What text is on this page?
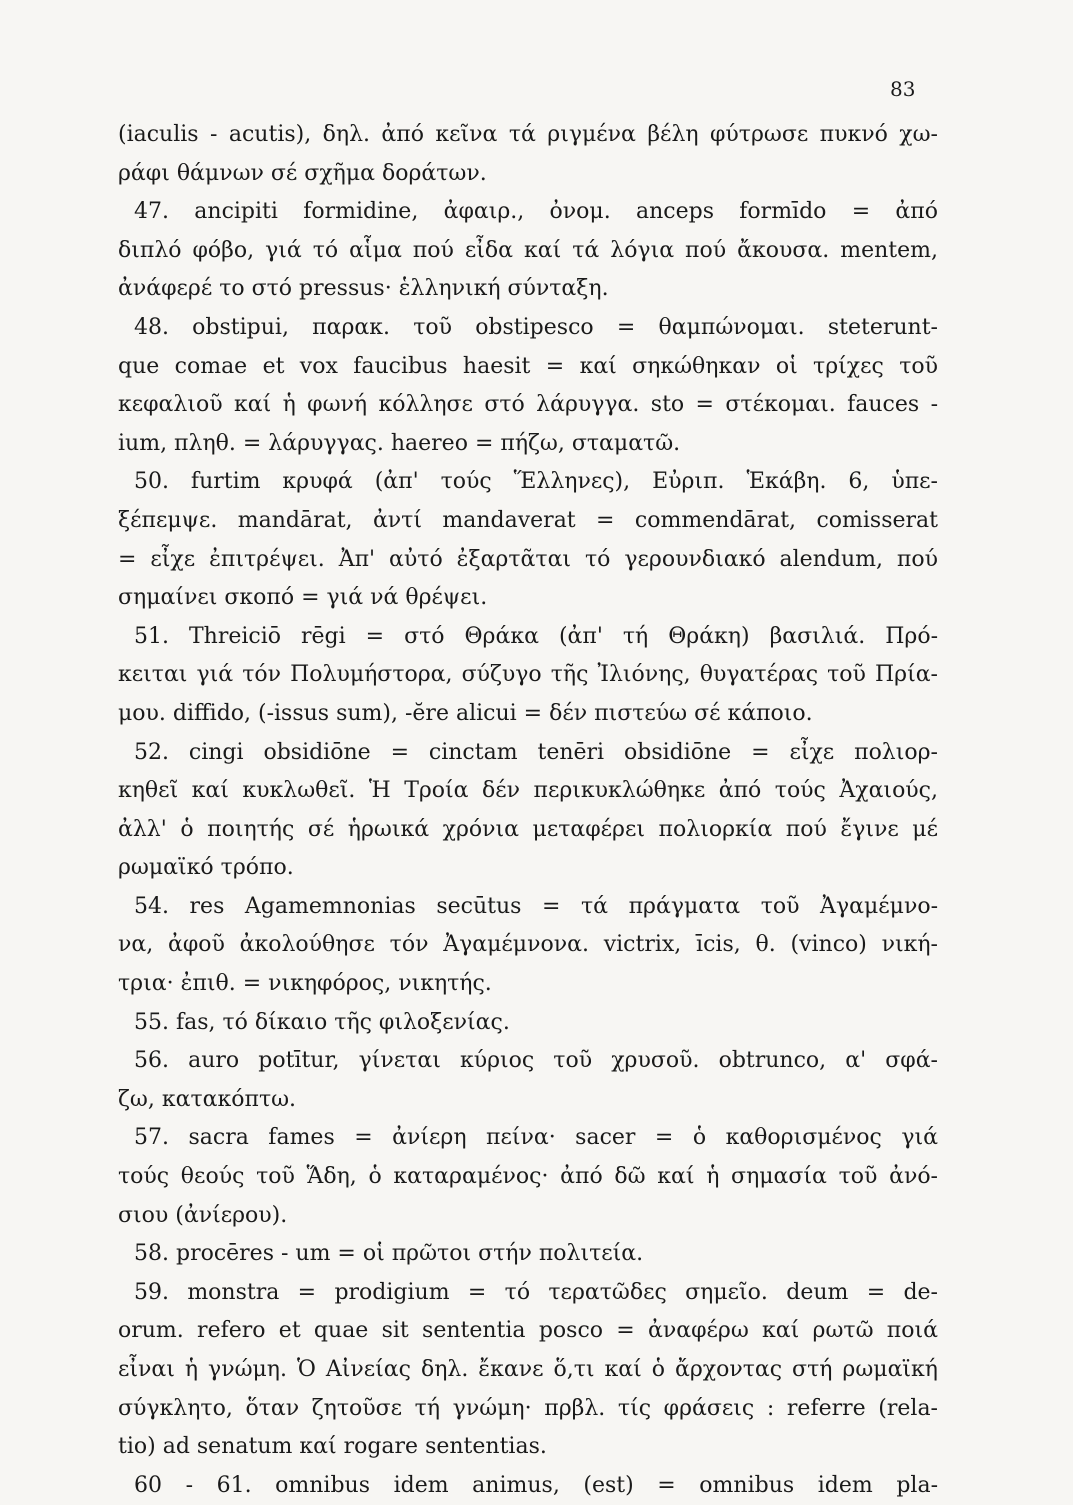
83
(iaculis - acutis), δηλ. ἀπό κεῖνα τά ριγμένα βέλη φύτρωσε πυκνό χω-
ράφι θάμνων σέ σχῆμα δοράτων.
47. ancipiti formidine, ἀφαιρ., ὀνομ. anceps formīdo = ἀπό
διπλό φόβο, γιά τό αἷμα πού εἶδα καί τά λόγια πού ἄκουσα. mentem,
ἀνάφερέ το στό pressus· ἑλληνική σύνταξη.
48. obstipui, παρακ. τοῦ obstipesco = θαμπώνομαι. steterunt-
que comae et vox faucibus haesit = καί σηκώθηκαν οἱ τρίχες τοῦ
κεφαλιοῦ καί ἡ φωνή κόλλησε στό λάρυγγα. sto = στέκομαι. fauces -
ium, πληθ. = λάρυγγας. haereo = πήζω, σταματῶ.
50. furtim κρυφά (ἀπ' τούς Ἕλληνες), Εὐριπ. Ἑκάβη. 6, ὑπε-
ξέπεμψε. mandārat, ἀντί mandaverat = commendārat, comisserat
= εἶχε ἐπιτρέψει. Ἀπ' αὐτό ἐξαρτᾶται τό γερουνδιακό alendum, πού
σημαίνει σκοπό = γιά νά θρέψει.
51. Threiciō rēgi = στό Θράκα (ἀπ' τή Θράκη) βασιλιά. Πρό-
κειται γιά τόν Πολυμήστορα, σύζυγο τῆς Ἰλιόνης, θυγατέρας τοῦ Πρία-
μου. diffido, (-issus sum), -ĕre alicui = δέν πιστεύω σέ κάποιο.
52. cingi obsidiōne = cinctam tenēri obsidiōne = εἶχε πολιορ-
κηθεῖ καί κυκλωθεῖ. Ἡ Τροία δέν περικυκλώθηκε ἀπό τούς Ἀχαιούς,
ἀλλ' ὁ ποιητής σέ ἡρωικά χρόνια μεταφέρει πολιορκία πού ἔγινε μέ
ρωμαϊκό τρόπο.
54. res Agamemnonias secūtus = τά πράγματα τοῦ Ἀγαμέμνο-
να, ἀφοῦ ἀκολούθησε τόν Ἀγαμέμνονα. victrix, īcis, θ. (vinco) νική-
τρια· ἐπιθ. = νικηφόρος, νικητής.
55. fas, τό δίκαιο τῆς φιλοξενίας.
56. auro potītur, γίνεται κύριος τοῦ χρυσοῦ. obtrunco, α' σφά-
ζω, κατακόπτω.
57. sacra fames = ἀνίερη πείνα· sacer = ὁ καθορισμένος γιά
τούς θεούς τοῦ Ἅδη, ὁ καταραμένος· ἀπό δῶ καί ἡ σημασία τοῦ ἀνό-
σιου (ἀνίερου).
58. procēres - um = οἱ πρῶτοι στήν πολιτεία.
59. monstra = prodigium = τό τερατῶδες σημεῖο. deum = de-
orum. refero et quae sit sententia posco = ἀναφέρω καί ρωτῶ ποιά
εἶναι ἡ γνώμη. Ὁ Αἰνείας δηλ. ἔκανε ὅ,τι καί ὁ ἄρχοντας στή ρωμαϊκή
σύγκλητο, ὅταν ζητοῦσε τή γνώμη· πρβλ. τίς φράσεις : referre (rela-
tio) ad senatum καί rogare sententias.
60 - 61. omnibus idem animus, (est) = omnibus idem pla-
